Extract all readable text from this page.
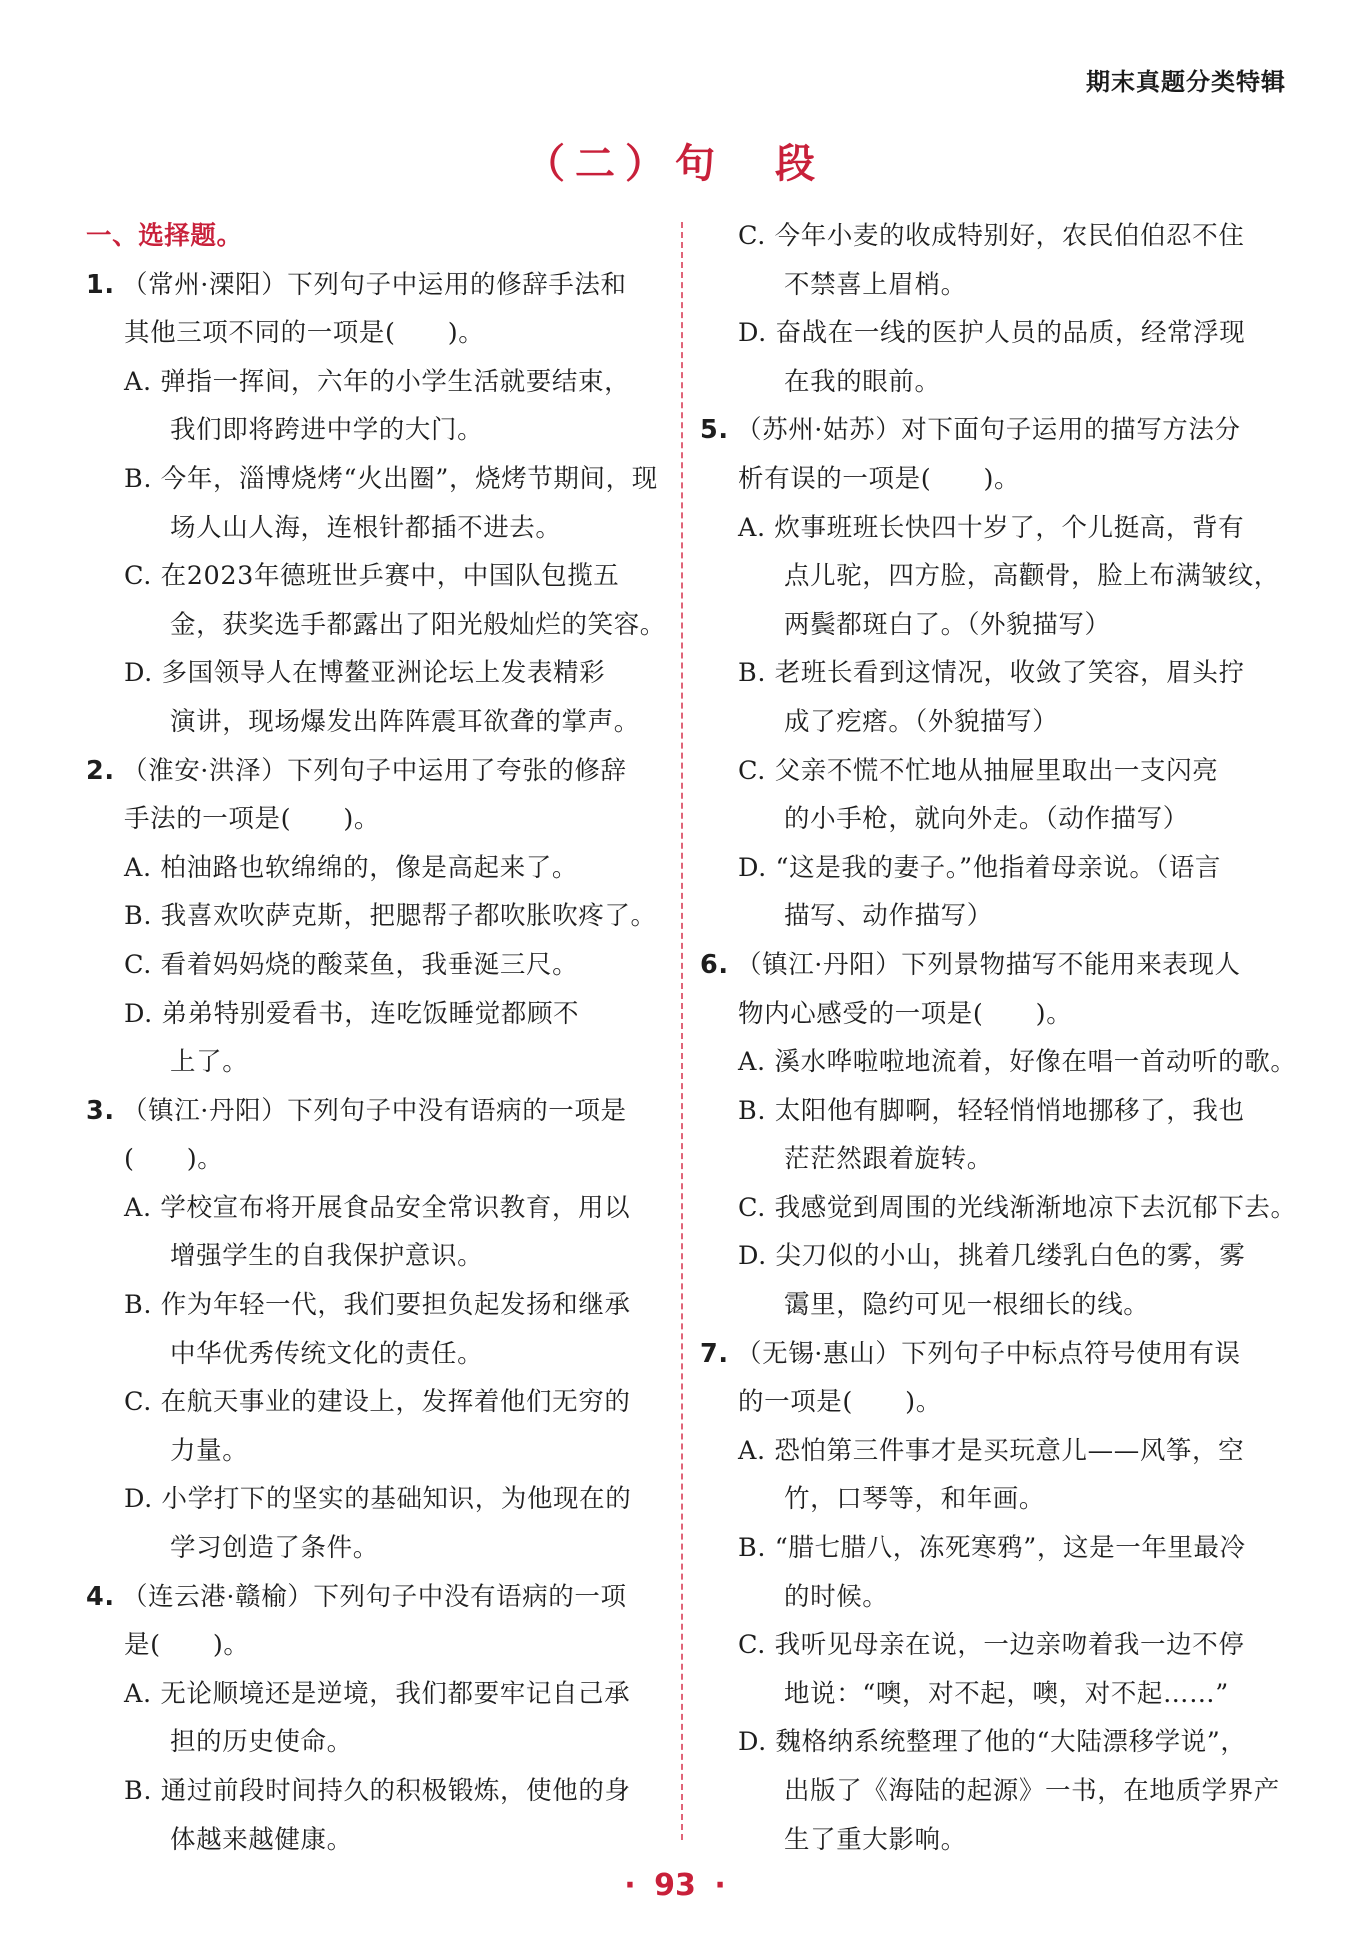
期末真题分类特辑
（二）句　段
一、选择题。
1. （常州·溧阳）下列句子中运用的修辞手法和
其他三项不同的一项是(　　)。
A. 弹指一挥间，六年的小学生活就要结束，
我们即将跨进中学的大门。
B. 今年，淄博烧烤“火出圈”，烧烤节期间，现
场人山人海，连根针都插不进去。
C. 在2023年德班世乒赛中，中国队包揽五
金，获奖选手都露出了阳光般灿烂的笑容。
D. 多国领导人在博鳌亚洲论坛上发表精彩
演讲，现场爆发出阵阵震耳欲聋的掌声。
2. （淮安·洪泽）下列句子中运用了夸张的修辞
手法的一项是(　　)。
A. 柏油路也软绵绵的，像是高起来了。
B. 我喜欢吹萨克斯，把腮帮子都吹胀吹疼了。
C. 看着妈妈烧的酸菜鱼，我垂涎三尺。
D. 弟弟特别爱看书，连吃饭睡觉都顾不
上了。
3. （镇江·丹阳）下列句子中没有语病的一项是
(　　)。
A. 学校宣布将开展食品安全常识教育，用以
增强学生的自我保护意识。
B. 作为年轻一代，我们要担负起发扬和继承
中华优秀传统文化的责任。
C. 在航天事业的建设上，发挥着他们无穷的
力量。
D. 小学打下的坚实的基础知识，为他现在的
学习创造了条件。
4. （连云港·赣榆）下列句子中没有语病的一项
是(　　)。
A. 无论顺境还是逆境，我们都要牢记自己承
担的历史使命。
B. 通过前段时间持久的积极锻炼，使他的身
体越来越健康。
C. 今年小麦的收成特别好，农民伯伯忍不住
不禁喜上眉梢。
D. 奋战在一线的医护人员的品质，经常浮现
在我的眼前。
5. （苏州·姑苏）对下面句子运用的描写方法分
析有误的一项是(　　)。
A. 炊事班班长快四十岁了，个儿挺高，背有
点儿驼，四方脸，高颧骨，脸上布满皱纹，
两鬓都斑白了。（外貌描写）
B. 老班长看到这情况，收敛了笑容，眉头拧
成了疙瘩。（外貌描写）
C. 父亲不慌不忙地从抽屉里取出一支闪亮
的小手枪，就向外走。（动作描写）
D. “这是我的妻子。”他指着母亲说。（语言
描写、动作描写）
6. （镇江·丹阳）下列景物描写不能用来表现人
物内心感受的一项是(　　)。
A. 溪水哗啦啦地流着，好像在唱一首动听的歌。
B. 太阳他有脚啊，轻轻悄悄地挪移了，我也
茫茫然跟着旋转。
C. 我感觉到周围的光线渐渐地凉下去沉郁下去。
D. 尖刀似的小山，挑着几缕乳白色的雾，雾
霭里，隐约可见一根细长的线。
7. （无锡·惠山）下列句子中标点符号使用有误
的一项是(　　)。
A. 恐怕第三件事才是买玩意儿——风筝，空
竹，口琴等，和年画。
B. “腊七腊八，冻死寒鸦”，这是一年里最冷
的时候。
C. 我听见母亲在说，一边亲吻着我一边不停
地说：“噢，对不起，噢，对不起……”
D. 魏格纳系统整理了他的“大陆漂移学说”，
出版了《海陆的起源》一书，在地质学界产
生了重大影响。
· 93 ·
